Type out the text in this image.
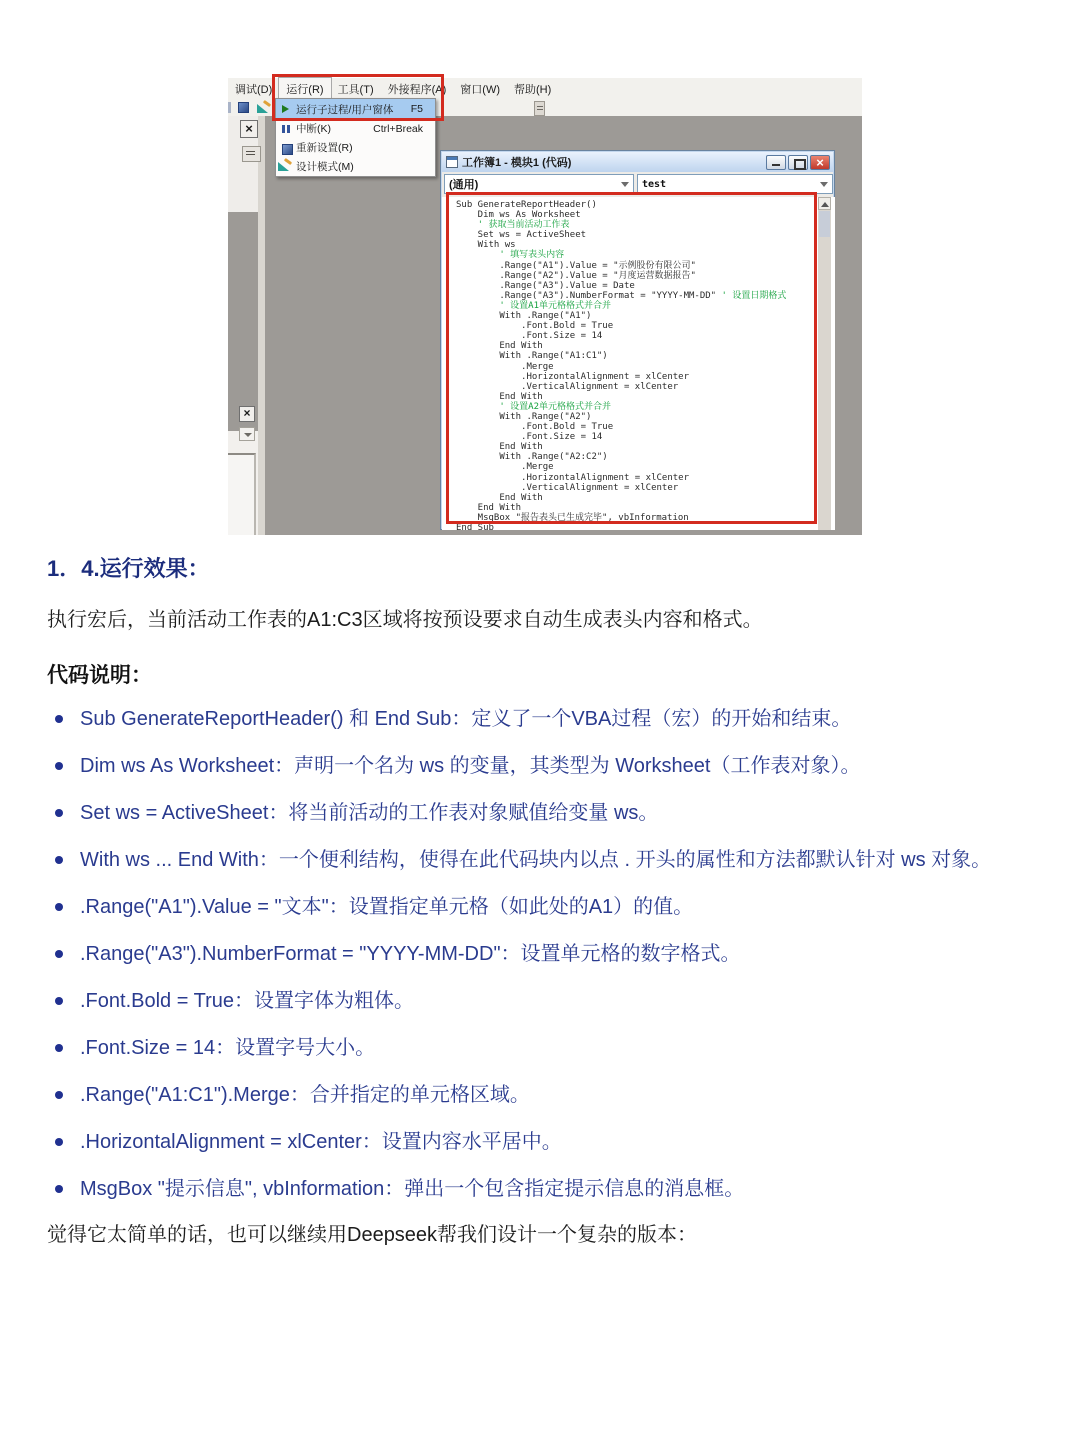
调试(D)	运行(R)	工具(T)	外接程序(A)	窗口(W)	帮助(H)
×
×
运行子过程/用户窗体 F5
中断(K)	Ctrl+Break
重新设置(R)
设计模式(M)	工作簿1 - 模块1 (代码)
×
(通用)	test
Sub GenerateReportHeader()
Dim ws As Worksheet
' 获取当前活动工作表
Set ws = ActiveSheet
With ws
' 填写表头内容
.Range("A1").Value = "示例股份有限公司"
.Range("A2").Value = "月度运营数据报告"
.Range("A3").Value = Date
.Range("A3").NumberFormat = "YYYY-MM-DD" ' 设置日期格式
' 设置A1单元格格式并合并
With .Range("A1")
.Font.Bold = True
.Font.Size = 14
End With
With .Range("A1:C1")
.Merge
.HorizontalAlignment = xlCenter
.VerticalAlignment = xlCenter
End With
' 设置A2单元格格式并合并
With .Range("A2")
.Font.Bold = True
.Font.Size = 14
End With
With .Range("A2:C2")
.Merge
.HorizontalAlignment = xlCenter
.VerticalAlignment = xlCenter
End With
End With
MsgBox "报告表头已生成完毕", vbInformation
End Sub
1．4.运行效果：
执行宏后，当前活动工作表的A1:C3区域将按预设要求自动生成表头内容和格式。
代码说明：
Sub GenerateReportHeader() 和 End Sub：定义了一个VBA过程（宏）的开始和结束。
Dim ws As Worksheet：声明一个名为 ws 的变量，其类型为 Worksheet（工作表对象）。
Set ws = ActiveSheet：将当前活动的工作表对象赋值给变量 ws。
With ws ... End With：一个便利结构，使得在此代码块内以点 . 开头的属性和方法都默认针对 ws 对象。
.Range("A1").Value = "文本"：设置指定单元格（如此处的A1）的值。
.Range("A3").NumberFormat = "YYYY-MM-DD"：设置单元格的数字格式。
.Font.Bold = True：设置字体为粗体。
.Font.Size = 14：设置字号大小。
.Range("A1:C1").Merge：合并指定的单元格区域。
.HorizontalAlignment = xlCenter：设置内容水平居中。
MsgBox "提示信息", vbInformation：弹出一个包含指定提示信息的消息框。
觉得它太简单的话，也可以继续用Deepseek帮我们设计一个复杂的版本：
